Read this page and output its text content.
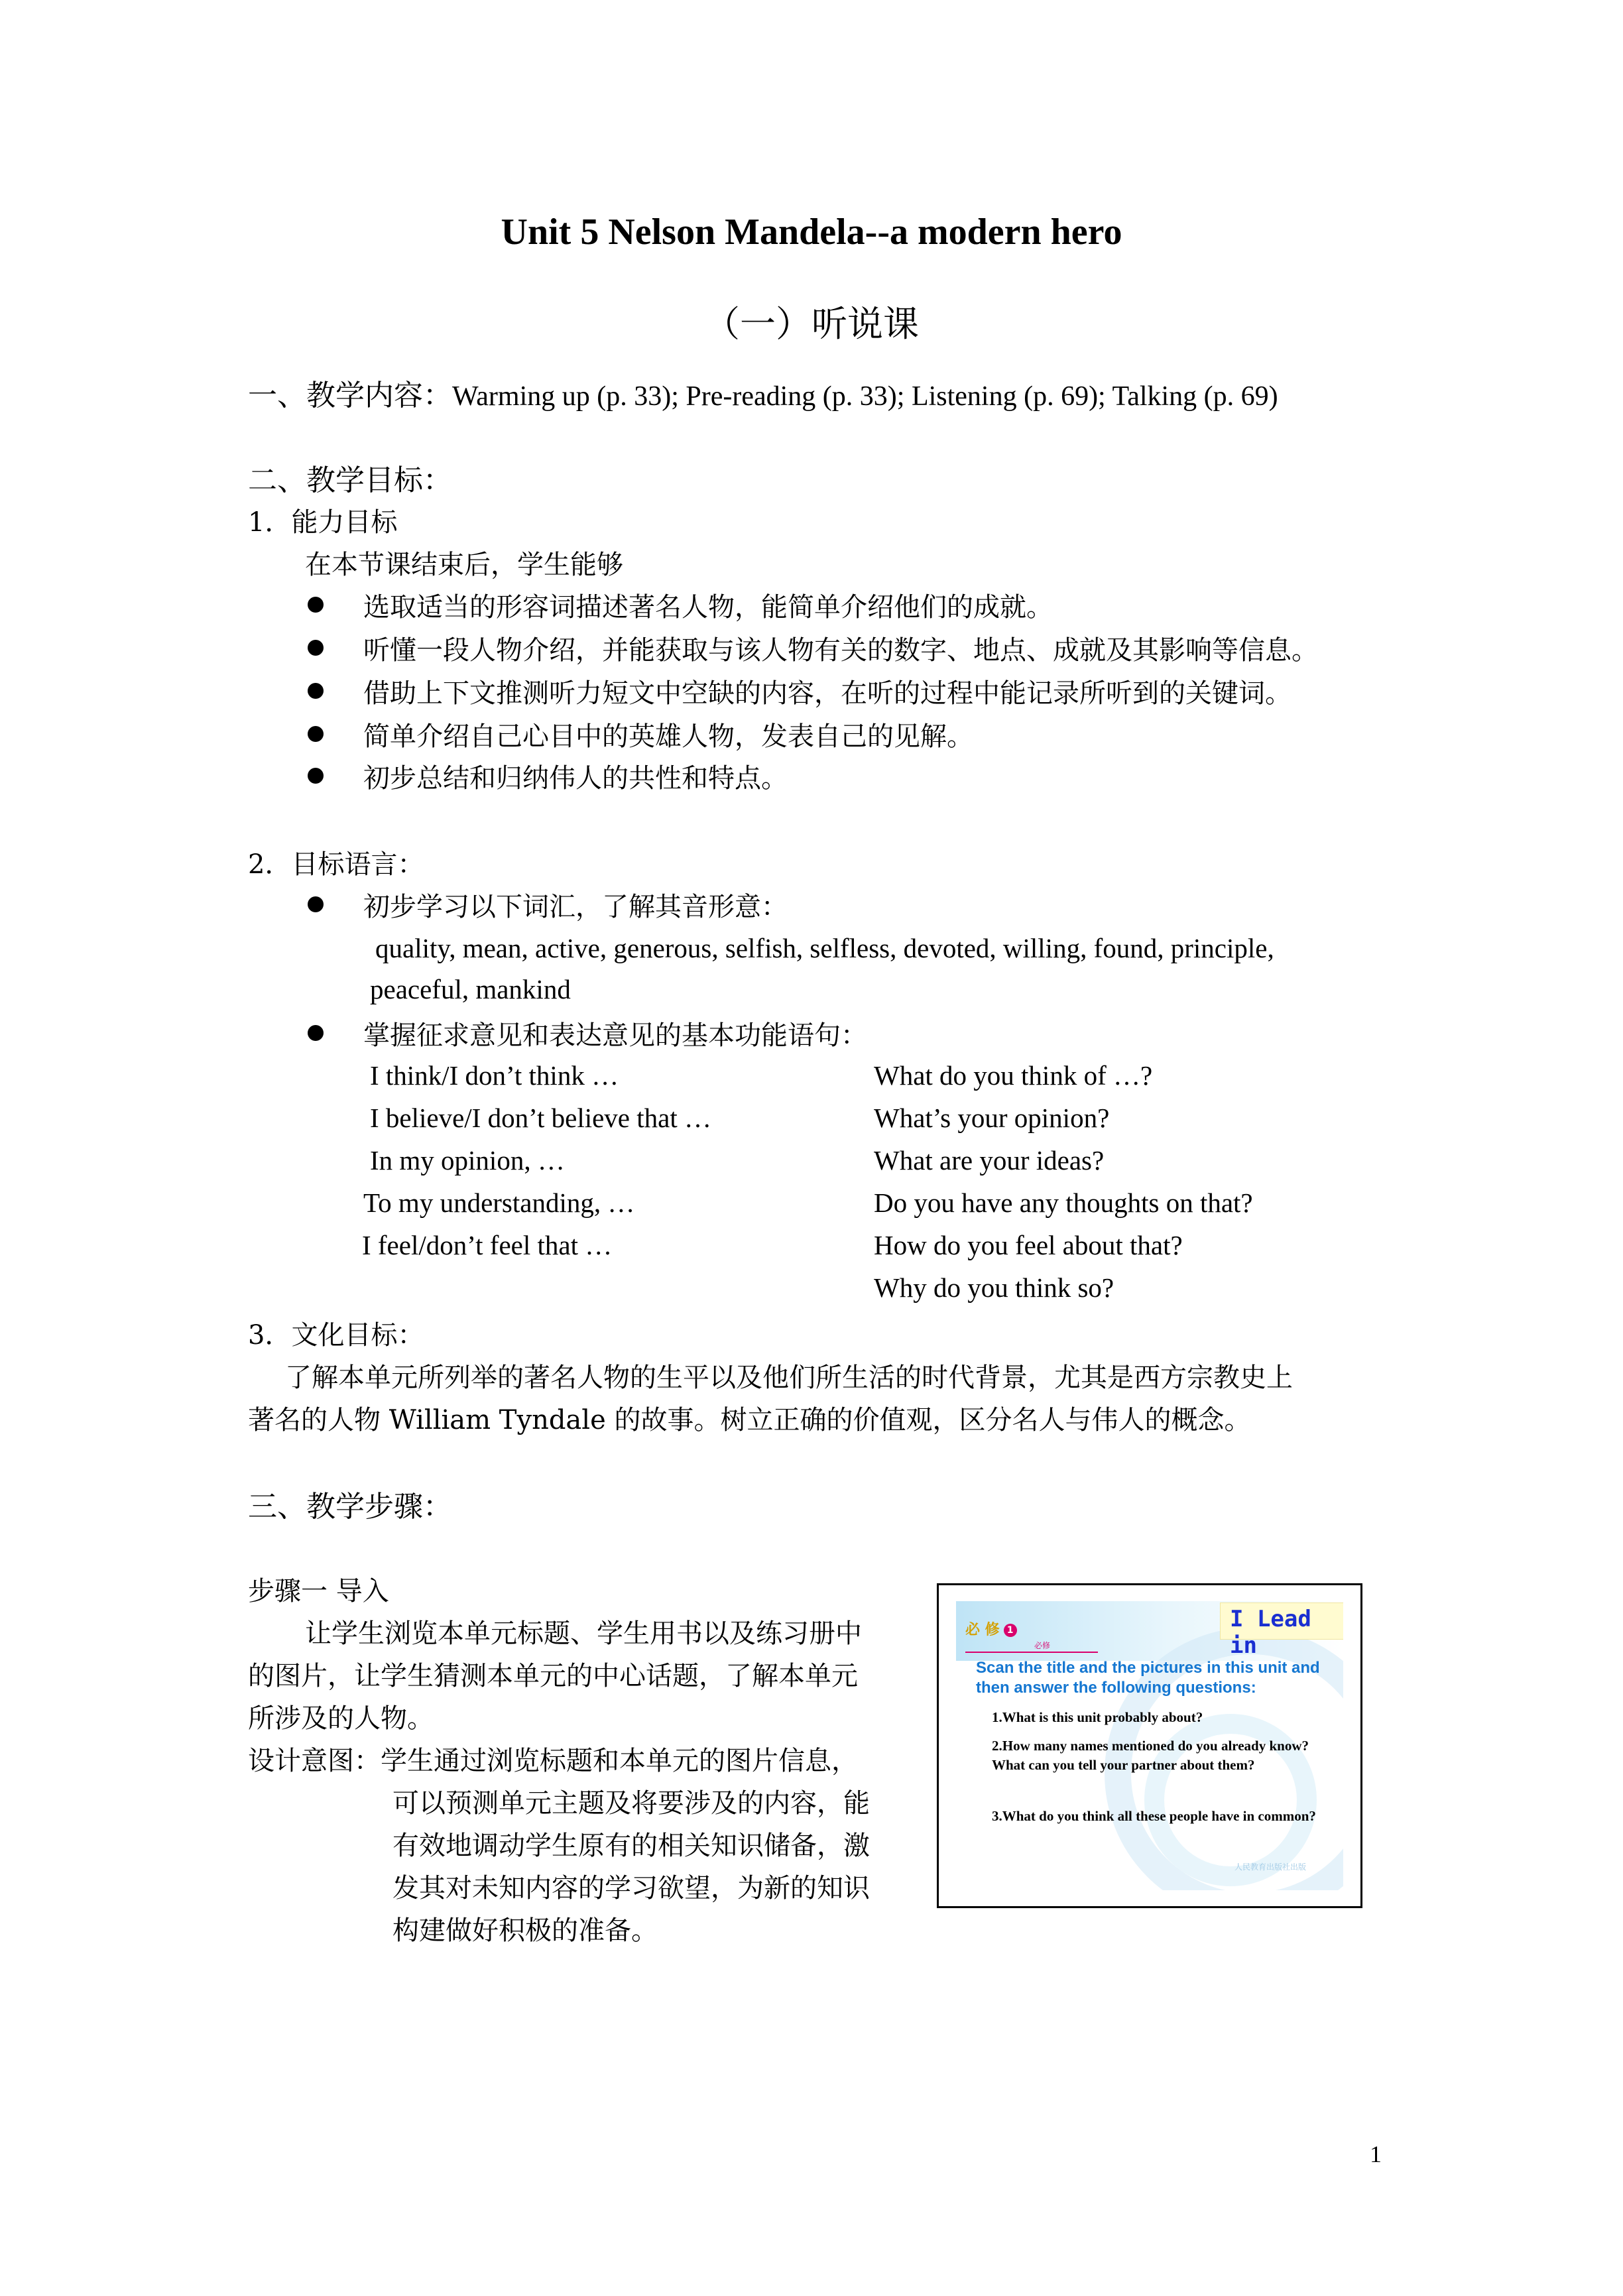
Unit 5 Nelson Mandela--a modern hero
（一）听说课
一、教学内容：Warming up (p. 33); Pre-reading (p. 33); Listening (p. 69); Talking (p. 69)
二、教学目标：
1．能力目标
在本节课结束后，学生能够
选取适当的形容词描述著名人物，能简单介绍他们的成就。
听懂一段人物介绍，并能获取与该人物有关的数字、地点、成就及其影响等信息。
借助上下文推测听力短文中空缺的内容，在听的过程中能记录所听到的关键词。
简单介绍自己心目中的英雄人物，发表自己的见解。
初步总结和归纳伟人的共性和特点。
2．目标语言：
初步学习以下词汇，了解其音形意：
quality, mean, active, generous, selfish, selfless, devoted, willing, found, principle,
peaceful, mankind
掌握征求意见和表达意见的基本功能语句：
I think/I don’t think …
I believe/I don’t believe that …
In my opinion, …
To my understanding, …
I feel/don’t feel that …
What do you think of …?
What’s your opinion?
What are your ideas?
Do you have any thoughts on that?
How do you feel about that?
Why do you think so?
3．文化目标：
了解本单元所列举的著名人物的生平以及他们所生活的时代背景，尤其是西方宗教史上
著名的人物 William Tyndale 的故事。树立正确的价值观，区分名人与伟人的概念。
三、教学步骤：
步骤一 导入
让学生浏览本单元标题、学生用书以及练习册中
的图片，让学生猜测本单元的中心话题，了解本单元
所涉及的人物。
设计意图： 学生通过浏览标题和本单元的图片信息，
可以预测单元主题及将要涉及的内容，能
有效地调动学生原有的相关知识储备，激
发其对未知内容的学习欲望，为新的知识
构建做好积极的准备。
必 修 1
必修
I Lead in
Scan the title and the pictures in this unit and then answer the following questions:
1.What is this unit probably about?
2.How many names mentioned do you already know? What can you tell your partner about them?
3.What do you think all these people have in common?
人民教育出版社出版
1
